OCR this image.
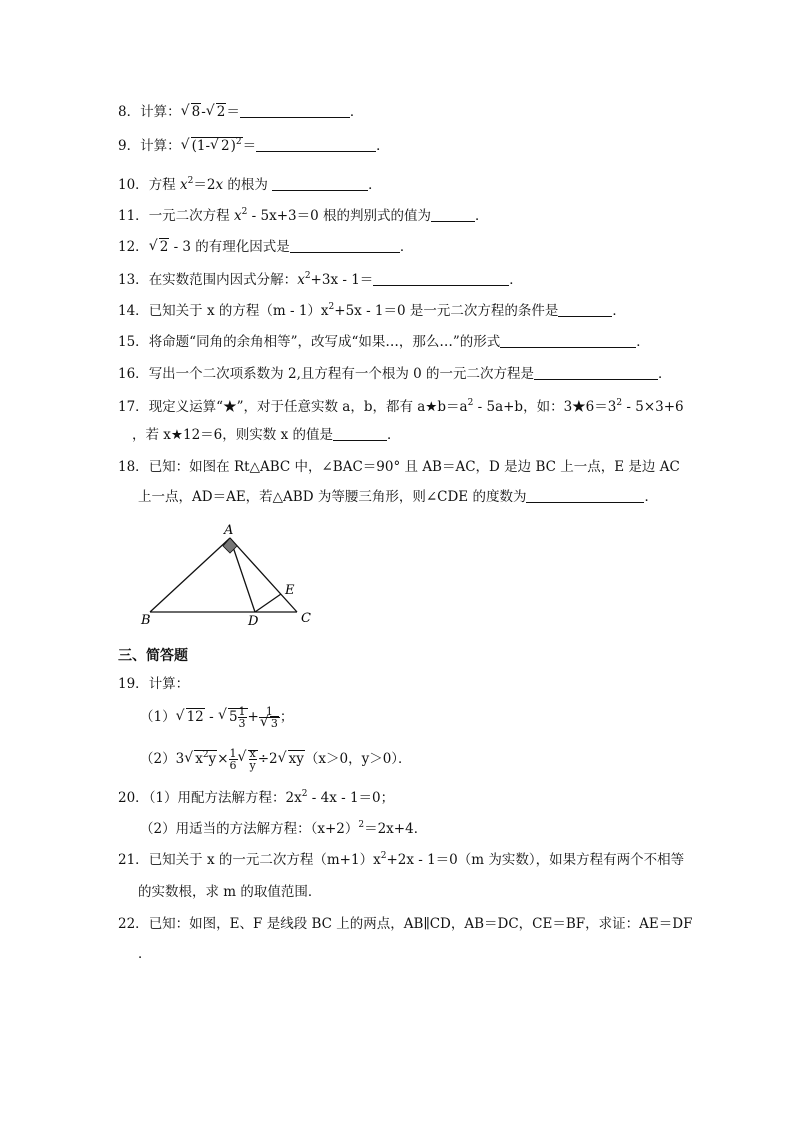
8．计算：√ 8-√ 2＝	．
9．计算：√ (1-√ 2)$^2$＝	．
10．方程 $x^2=2x$ 的根为	．
11．一元二次方程 $x^2 - 5x+3=0$ 根的判别式的值为	．
12．√ 2 - 3 的有理化因式是	．
13．在实数范围内因式分解：$x^2+3x - 1=$	．
14．已知关于 x 的方程$(m - 1)x^2+5x - 1=0$ 是一元二次方程的条件是	．
15．将命题“同角的余角相等”，改写成“如果…，那么…”的形式	．
16．写出一个二次项系数为 2,且方程有一个根为 0 的一元二次方程是	．
17．现定义运算“★”，对于任意实数 a，b，都有 $a★b=a^2 - 5a+b$，如：$3★6=3^2 - 5\times 3+6$
，若 x★12＝6，则实数 x 的值是	．
18．已知：如图在 Rt△ABC 中，∠BAC＝90° 且 AB＝AC，D 是边 BC 上一点，E 是边 AC
上一点，AD＝AE，若△ABD 为等腰三角形，则∠CDE 的度数为	．
A
B	D
E
C
三、简答题
19．计算：
（1）√ 12 - √ $5 \frac{1}{3} + 1$
√ 3 ；
（2）3√ $x^2y\times \frac{1}{6}$
√ $\frac{x}{y} \div 2√$ xy（x＞0，y＞0）．
20．（1）用配方法解方程：$2x^2 - 4x - 1=0$；
（2）用适当的方法解方程：$(x+2)^2=2x+4$．
21．已知关于 x 的一元二次方程$(m+1)x^2+2x - 1=0(m$ 为实数），如果方程有两个不相等
的实数根，求 m 的取值范围．
22．已知：如图，E、F 是线段 BC 上的两点，AB∥CD，AB＝DC，CE＝BF，求证：AE＝DF
．
